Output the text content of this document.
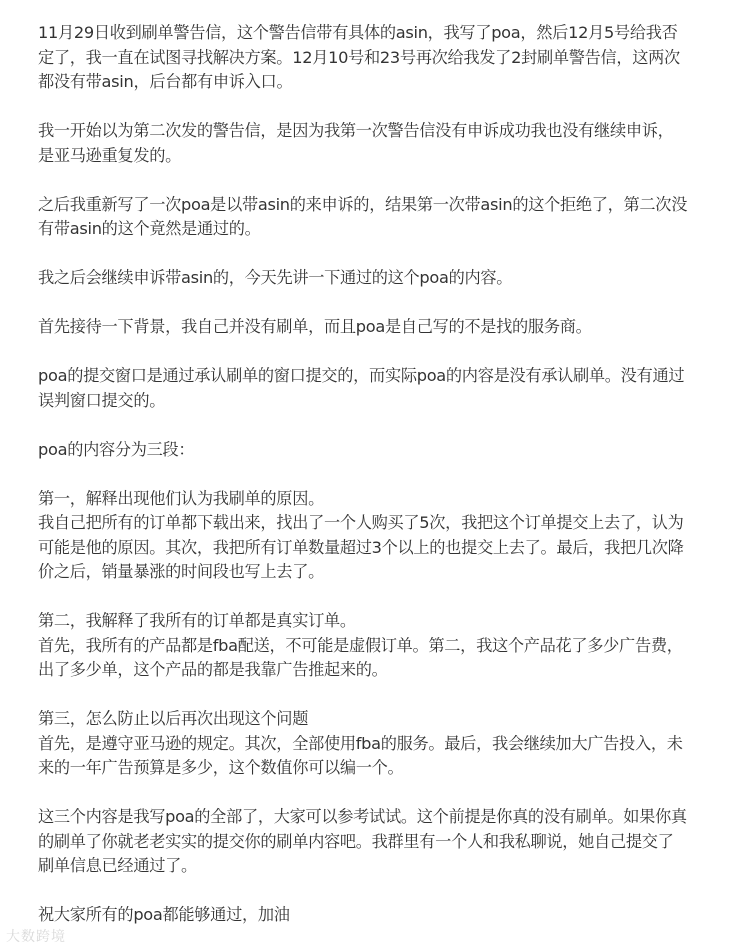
11月29日收到刷单警告信，这个警告信带有具体的asin，我写了poa，然后12月5号给我否
定了，我一直在试图寻找解决方案。12月10号和23号再次给我发了2封刷单警告信，这两次
都没有带asin，后台都有申诉入口。
我一开始以为第二次发的警告信，是因为我第一次警告信没有申诉成功我也没有继续申诉，
是亚马逊重复发的。
之后我重新写了一次poa是以带asin的来申诉的，结果第一次带asin的这个拒绝了，第二次没
有带asin的这个竟然是通过的。
我之后会继续申诉带asin的，今天先讲一下通过的这个poa的内容。
首先接待一下背景，我自己并没有刷单，而且poa是自己写的不是找的服务商。
poa的提交窗口是通过承认刷单的窗口提交的，而实际poa的内容是没有承认刷单。没有通过
误判窗口提交的。
poa的内容分为三段：
第一，解释出现他们认为我刷单的原因。
我自己把所有的订单都下载出来，找出了一个人购买了5次，我把这个订单提交上去了，认为
可能是他的原因。其次，我把所有订单数量超过3个以上的也提交上去了。最后，我把几次降
价之后，销量暴涨的时间段也写上去了。
第二，我解释了我所有的订单都是真实订单。
首先，我所有的产品都是fba配送，不可能是虚假订单。第二，我这个产品花了多少广告费，
出了多少单，这个产品的都是我靠广告推起来的。
第三，怎么防止以后再次出现这个问题
首先，是遵守亚马逊的规定。其次，全部使用fba的服务。最后，我会继续加大广告投入，未
来的一年广告预算是多少，这个数值你可以编一个。
这三个内容是我写poa的全部了，大家可以参考试试。这个前提是你真的没有刷单。如果你真
的刷单了你就老老实实的提交你的刷单内容吧。我群里有一个人和我私聊说，她自己提交了
刷单信息已经通过了。
祝大家所有的poa都能够通过，加油
大数跨境
